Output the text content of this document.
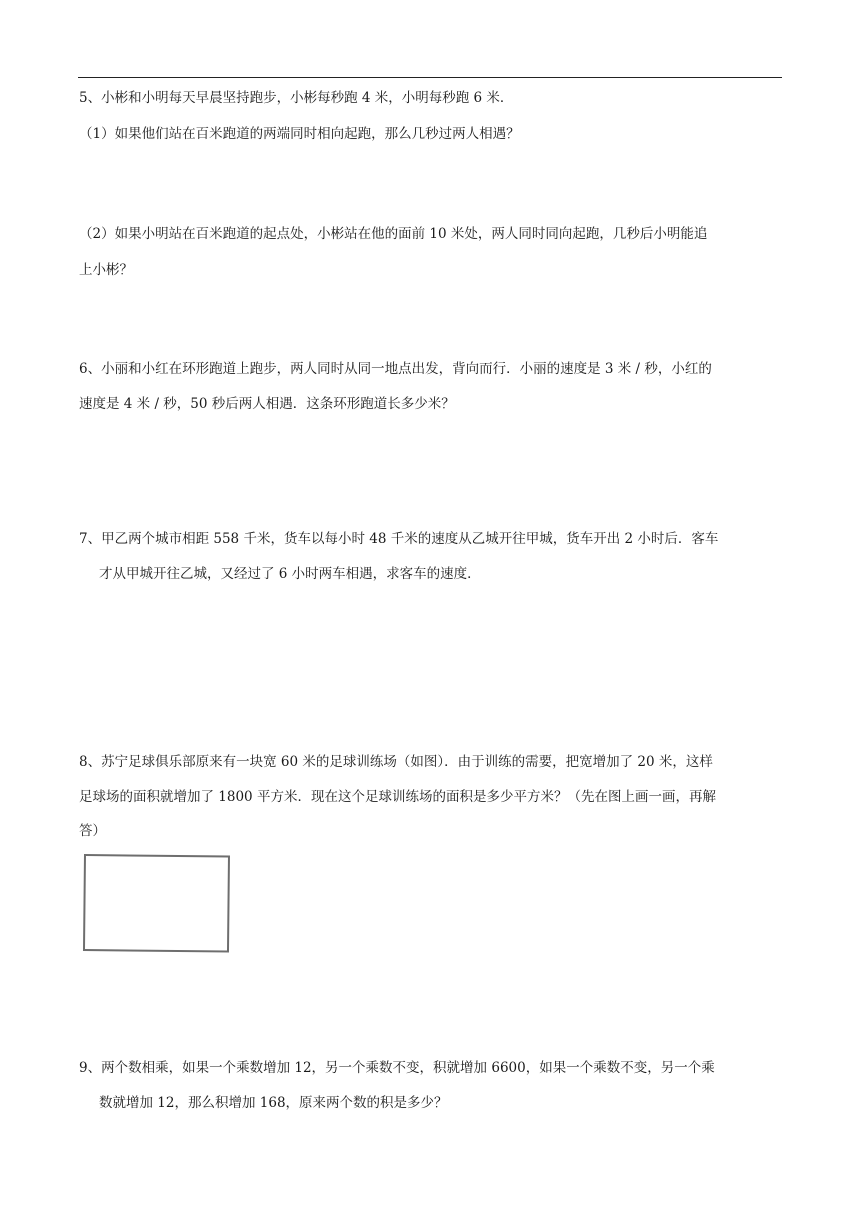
5、小彬和小明每天早晨坚持跑步，小彬每秒跑 4 米，小明每秒跑 6 米．
（1）如果他们站在百米跑道的两端同时相向起跑，那么几秒过两人相遇？
（2）如果小明站在百米跑道的起点处，小彬站在他的面前 10 米处，两人同时同向起跑，几秒后小明能追
上小彬？
6、小丽和小红在环形跑道上跑步，两人同时从同一地点出发，背向而行．小丽的速度是 3 米 / 秒，小红的
速度是 4 米 / 秒，50 秒后两人相遇．这条环形跑道长多少米？
7、甲乙两个城市相距 558 千米，货车以每小时 48 千米的速度从乙城开往甲城，货车开出 2 小时后．客车
才从甲城开往乙城，又经过了 6 小时两车相遇，求客车的速度．
8、苏宁足球俱乐部原来有一块宽 60 米的足球训练场（如图）．由于训练的需要，把宽增加了 20 米，这样
足球场的面积就增加了 1800 平方米．现在这个足球训练场的面积是多少平方米？（先在图上画一画，再解
答）
9、两个数相乘，如果一个乘数增加 12，另一个乘数不变，积就增加 6600，如果一个乘数不变，另一个乘
数就增加 12，那么积增加 168，原来两个数的积是多少？
